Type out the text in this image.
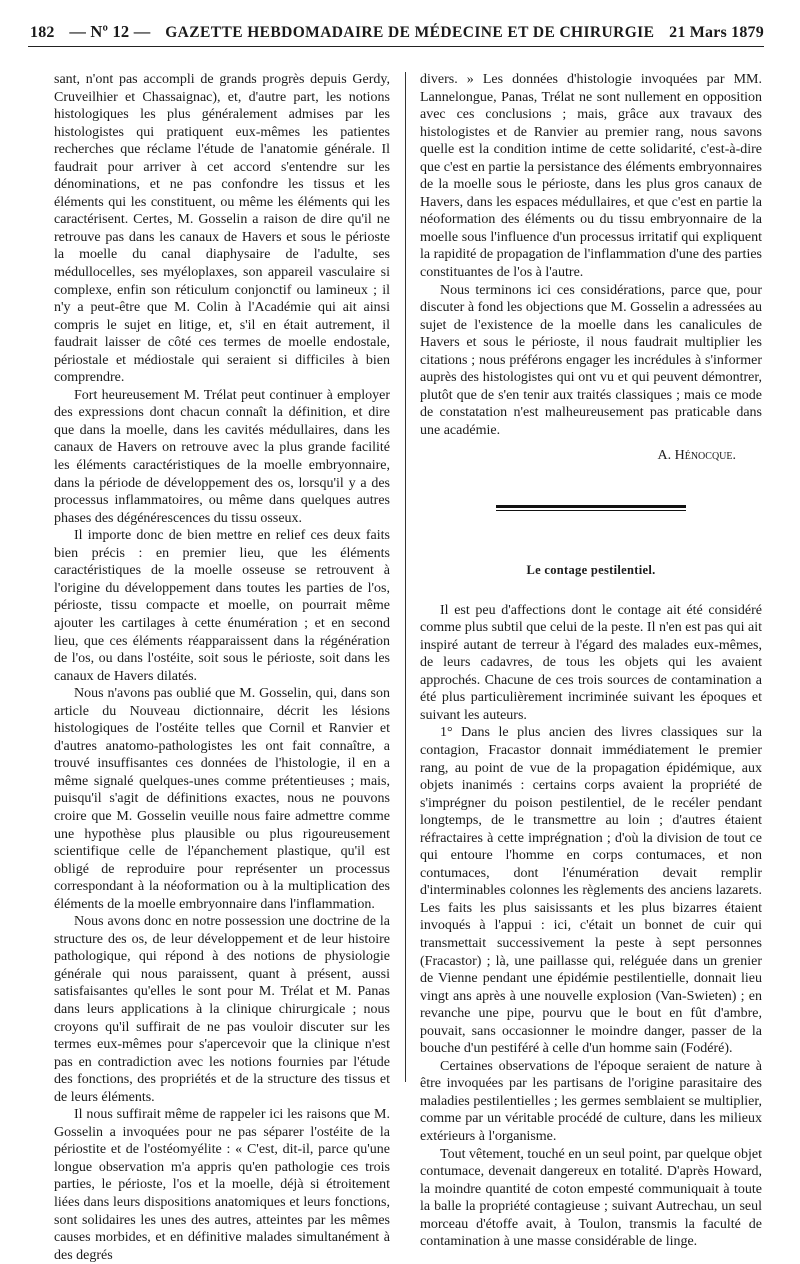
182 — Nº 12 — GAZETTE HEBDOMADAIRE DE MÉDECINE ET DE CHIRURGIE 21 Mars 1879

sant, n'ont pas accompli de grands progrès depuis Gerdy, Cruveilhier et Chassaignac), et, d'autre part, les notions histologiques les plus généralement admises par les histologistes qui pratiquent eux-mêmes les patientes recherches que réclame l'étude de l'anatomie générale. Il faudrait pour arriver à cet accord s'entendre sur les dénominations, et ne pas confondre les tissus et les éléments qui les constituent, ou même les éléments qui les caractérisent. Certes, M. Gosselin a raison de dire qu'il ne retrouve pas dans les canaux de Havers et sous le périoste la moelle du canal diaphysaire de l'adulte, ses médullocelles, ses myéloplaxes, son appareil vasculaire si complexe, enfin son réticulum conjonctif ou lamineux ; il n'y a peut-être que M. Colin à l'Académie qui ait ainsi compris le sujet en litige, et, s'il en était autrement, il faudrait laisser de côté ces termes de moelle endostale, périostale et médiostale qui seraient si difficiles à bien comprendre.

Fort heureusement M. Trélat peut continuer à employer des expressions dont chacun connaît la définition, et dire que dans la moelle, dans les cavités médullaires, dans les canaux de Havers on retrouve avec la plus grande facilité les éléments caractéristiques de la moelle embryonnaire, dans la période de développement des os, lorsqu'il y a des processus inflammatoires, ou même dans quelques autres phases des dégénérescences du tissu osseux.

Il importe donc de bien mettre en relief ces deux faits bien précis : en premier lieu, que les éléments caractéristiques de la moelle osseuse se retrouvent à l'origine du développement dans toutes les parties de l'os, périoste, tissu compacte et moelle, on pourrait même ajouter les cartilages à cette énumération ; et en second lieu, que ces éléments réapparaissent dans la régénération de l'os, ou dans l'ostéite, soit sous le périoste, soit dans les canaux de Havers dilatés.

Nous n'avons pas oublié que M. Gosselin, qui, dans son article du Nouveau dictionnaire, décrit les lésions histologiques de l'ostéite telles que Cornil et Ranvier et d'autres anatomo-pathologistes les ont fait connaître, a trouvé insuffisantes ces données de l'histologie, il en a même signalé quelques-unes comme prétentieuses ; mais, puisqu'il s'agit de définitions exactes, nous ne pouvons croire que M. Gosselin veuille nous faire admettre comme une hypothèse plus plausible ou plus rigoureusement scientifique celle de l'épanchement plastique, qu'il est obligé de reproduire pour représenter un processus correspondant à la néoformation ou à la multiplication des éléments de la moelle embryonnaire dans l'inflammation.

Nous avons donc en notre possession une doctrine de la structure des os, de leur développement et de leur histoire pathologique, qui répond à des notions de physiologie générale qui nous paraissent, quant à présent, aussi satisfaisantes qu'elles le sont pour M. Trélat et M. Panas dans leurs applications à la clinique chirurgicale ; nous croyons qu'il suffirait de ne pas vouloir discuter sur les termes eux-mêmes pour s'apercevoir que la clinique n'est pas en contradiction avec les notions fournies par l'étude des fonctions, des propriétés et de la structure des tissus et de leurs éléments.

Il nous suffirait même de rappeler ici les raisons que M. Gosselin a invoquées pour ne pas séparer l'ostéite de la périostite et de l'ostéomyélite : « C'est, dit-il, parce qu'une longue observation m'a appris qu'en pathologie ces trois parties, le périoste, l'os et la moelle, déjà si étroitement liées dans leurs dispositions anatomiques et leurs fonctions, sont solidaires les unes des autres, atteintes par les mêmes causes morbides, et en définitive malades simultanément à des degrés

divers. » Les données d'histologie invoquées par MM. Lannelongue, Panas, Trélat ne sont nullement en opposition avec ces conclusions ; mais, grâce aux travaux des histologistes et de Ranvier au premier rang, nous savons quelle est la condition intime de cette solidarité, c'est-à-dire que c'est en partie la persistance des éléments embryonnaires de la moelle sous le périoste, dans les plus gros canaux de Havers, dans les espaces médullaires, et que c'est en partie la néoformation des éléments ou du tissu embryonnaire de la moelle sous l'influence d'un processus irritatif qui expliquent la rapidité de propagation de l'inflammation d'une des parties constituantes de l'os à l'autre.

Nous terminons ici ces considérations, parce que, pour discuter à fond les objections que M. Gosselin a adressées au sujet de l'existence de la moelle dans les canalicules de Havers et sous le périoste, il nous faudrait multiplier les citations ; nous préférons engager les incrédules à s'informer auprès des histologistes qui ont vu et qui peuvent démontrer, plutôt que de s'en tenir aux traités classiques ; mais ce mode de constatation n'est malheureusement pas praticable dans une académie.

A. Hénocque.
Le contage pestilentiel.

Il est peu d'affections dont le contage ait été considéré comme plus subtil que celui de la peste. Il n'en est pas qui ait inspiré autant de terreur à l'égard des malades eux-mêmes, de leurs cadavres, de tous les objets qui les avaient approchés. Chacune de ces trois sources de contamination a été plus particulièrement incriminée suivant les époques et suivant les auteurs.

1° Dans le plus ancien des livres classiques sur la contagion, Fracastor donnait immédiatement le premier rang, au point de vue de la propagation épidémique, aux objets inanimés : certains corps avaient la propriété de s'imprégner du poison pestilentiel, de le recéler pendant longtemps, de le transmettre au loin ; d'autres étaient réfractaires à cette imprégnation ; d'où la division de tout ce qui entoure l'homme en corps contumaces, et non contumaces, dont l'énumération devait remplir d'interminables colonnes les règlements des anciens lazarets. Les faits les plus saisissants et les plus bizarres étaient invoqués à l'appui : ici, c'était un bonnet de cuir qui transmettait successivement la peste à sept personnes (Fracastor) ; là, une paillasse qui, reléguée dans un grenier de Vienne pendant une épidémie pestilentielle, donnait lieu vingt ans après à une nouvelle explosion (Van-Swieten) ; en revanche une pipe, pourvu que le bout en fût d'ambre, pouvait, sans occasionner le moindre danger, passer de la bouche d'un pestiféré à celle d'un homme sain (Fodéré).

Certaines observations de l'époque seraient de nature à être invoquées par les partisans de l'origine parasitaire des maladies pestilentielles ; les germes semblaient se multiplier, comme par un véritable procédé de culture, dans les milieux extérieurs à l'organisme.

Tout vêtement, touché en un seul point, par quelque objet contumace, devenait dangereux en totalité. D'après Howard, la moindre quantité de coton empesté communiquait à toute la balle la propriété contagieuse ; suivant Autrechau, un seul morceau d'étoffe avait, à Toulon, transmis la faculté de contamination à une masse considérable de linge.
